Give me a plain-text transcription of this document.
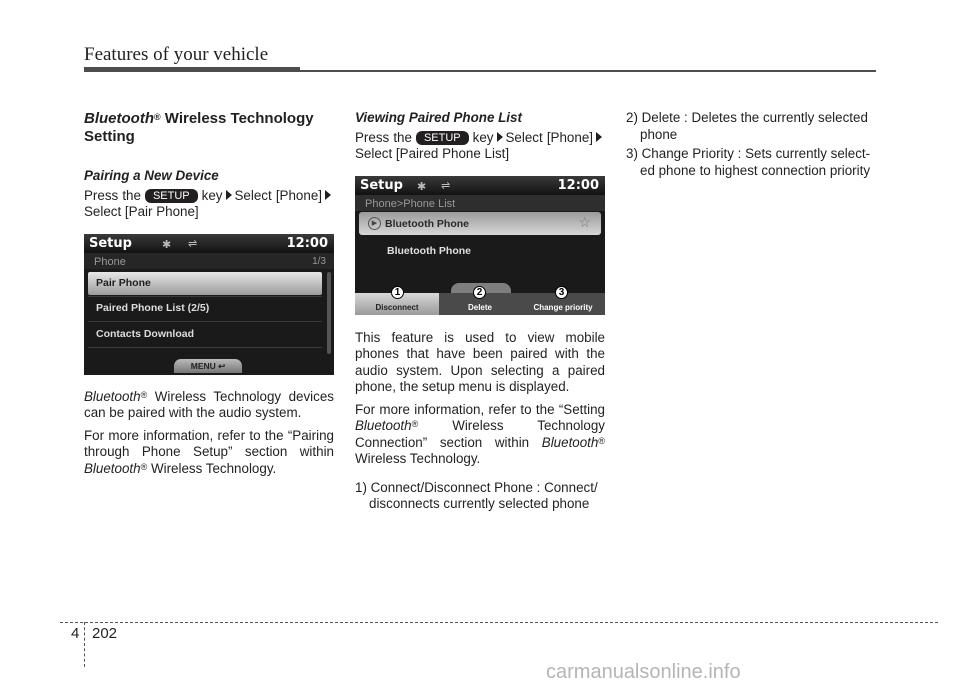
Features of your vehicle
Bluetooth® Wireless Technology Setting
Pairing a New Device
Press the SETUP key Select [Phone]Select [Pair Phone]
Setup	✱ ⇌	12:00
Phone	1/3
Pair Phone
Paired Phone List (2/5)
Contacts Download
MENU ↩
Bluetooth® Wireless Technology devices can be paired with the audio system.
For more information, refer to the “Pairing through Phone Setup” section within Bluetooth® Wireless Technology.
Viewing Paired Phone List
Press the SETUP key Select [Phone]Select [Paired Phone List]
Setup ✱ ⇌	12:00
Phone>Phone List
▶ Bluetooth Phone	☆
Bluetooth Phone
Disconnect	Delete	Change priority
1	2	3
This feature is used to view mobile phones that have been paired with the audio system. Upon selecting a paired phone, the setup menu is displayed.
For more information, refer to the “Setting Bluetooth® Wireless Technology Connection” section within Bluetooth® Wireless Technology.
1) Connect/Disconnect Phone : Connect/ disconnects currently selected phone
2) Delete : Deletes the currently selected phone
3) Change Priority : Sets currently select- ed phone to highest connection priority
4 202
carmanualsonline.info
